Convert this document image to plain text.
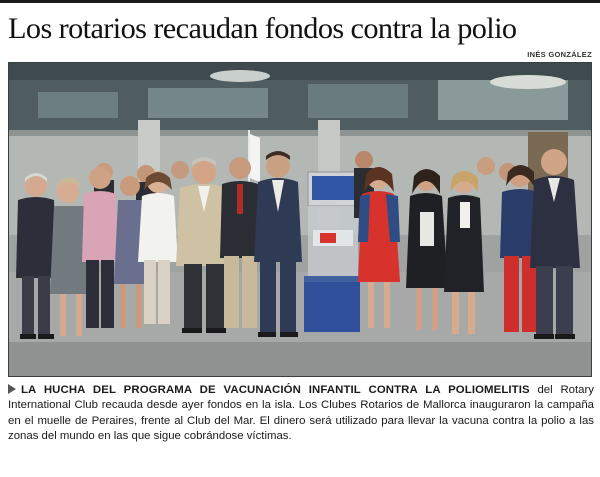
Los rotarios recaudan fondos contra la polio
INÉS GONZÁLEZ
LA HUCHA DEL PROGRAMA DE VACUNACIÓN INFANTIL CONTRA LA POLIOMELITIS del Rotary International Club recauda desde ayer fondos en la isla. Los Clubes Rotarios de Mallorca inauguraron la campaña en el muelle de Peraires, frente al Club del Mar. El dinero será utilizado para llevar la vacuna contra la polio a las zonas del mundo en las que sigue cobrándose víctimas.
